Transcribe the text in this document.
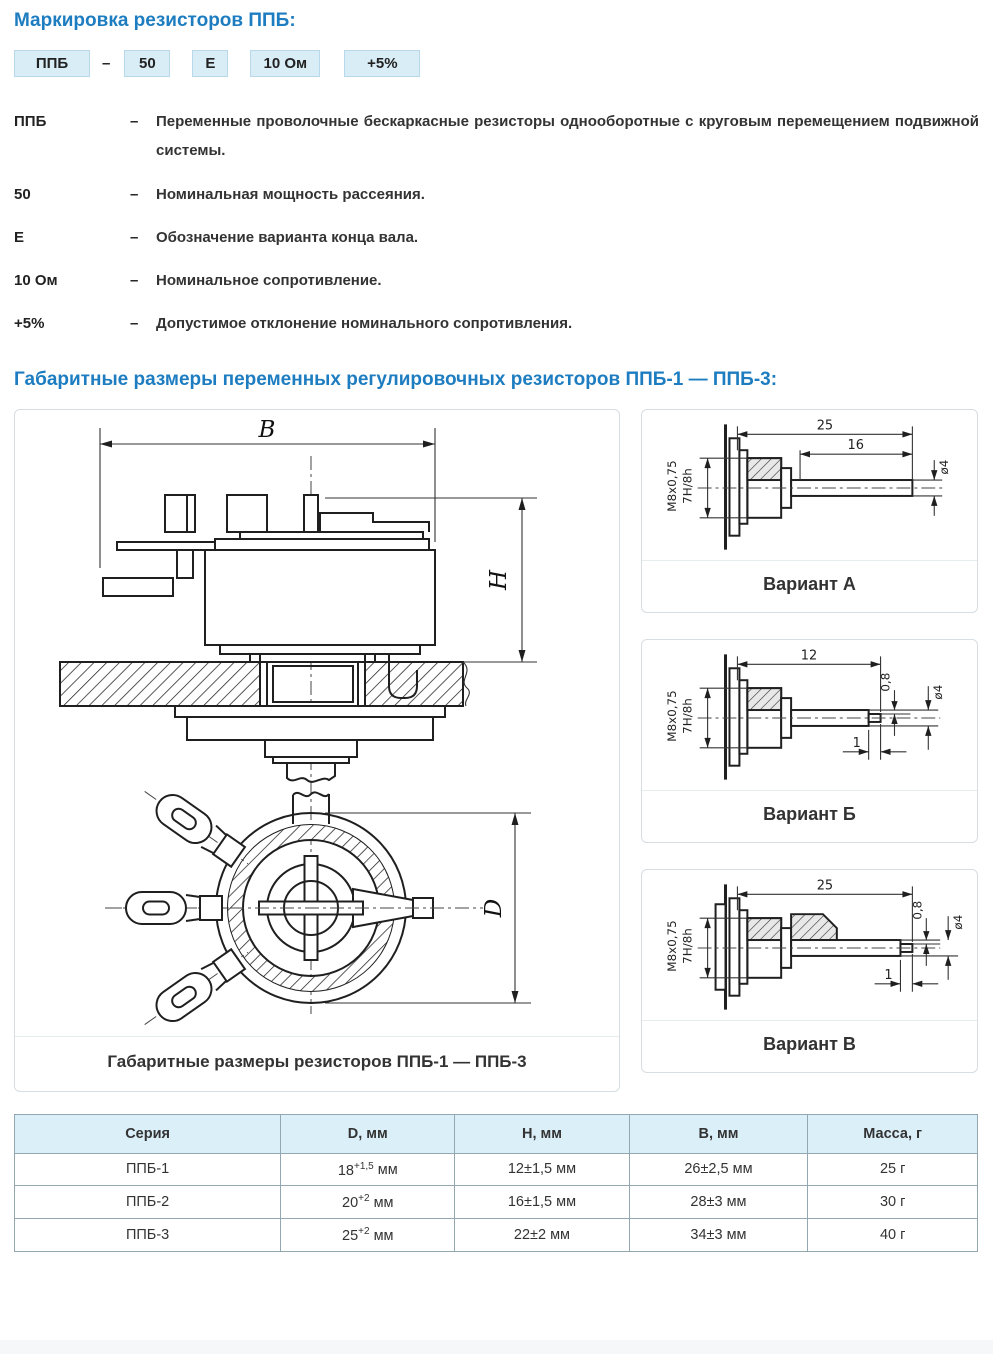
Маркировка резисторов ППБ:
ППБ	–	50	Е	10 Ом	+5%
ППБ	–	Переменные проволочные бескаркасные резисторы однооборотные с круговым перемещением подвижной системы.
50	–	Номинальная мощность рассеяния.
Е	–	Обозначение варианта конца вала.
10 Ом	–	Номинальное сопротивление.
+5%	–	Допустимое отклонение номинального сопротивления.
Габаритные размеры переменных регулировочных резисторов ППБ-1 — ППБ-3:
B
H
D
Габаритные размеры резисторов ППБ-1 — ППБ-3
M8x0,75 7H/8h
25
16
ø4
Вариант А
M8x0,75 7H/8h
12
0,8
ø4
1
Вариант Б
M8x0,75 7H/8h
25
0,8
ø4
1
Вариант В
Серия	D, мм	H, мм	B, мм	Масса, г
ППБ-1	$18^{+1,5}$ мм	12±1,5 мм	26±2,5 мм	25 г
ППБ-2	$20^{+2}$ мм	16±1,5 мм	28±3 мм	30 г
ППБ-3	$25^{+2}$ мм	22±2 мм	34±3 мм	40 г
